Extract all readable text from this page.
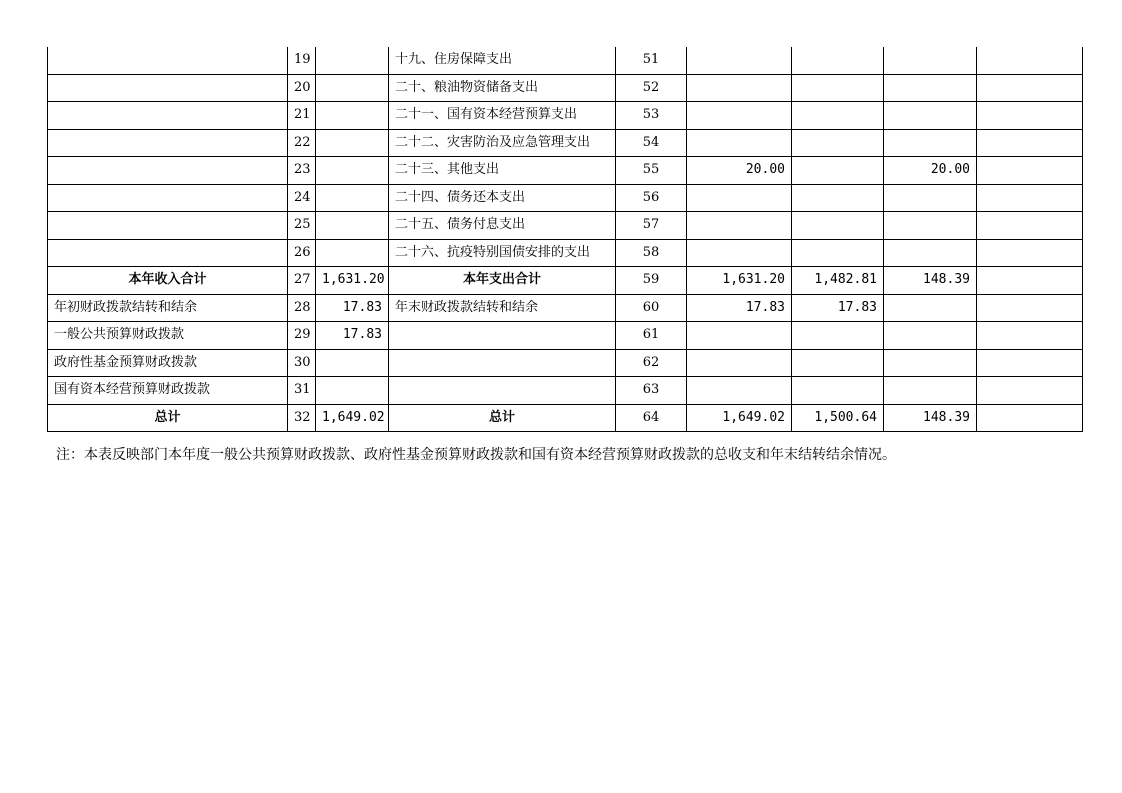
	19		十九、住房保障支出	51				
	20		二十、粮油物资储备支出	52				
	21		二十一、国有资本经营预算支出	53				
	22		二十二、灾害防治及应急管理支出	54				
	23		二十三、其他支出	55	20.00		20.00	
	24		二十四、债务还本支出	56				
	25		二十五、债务付息支出	57				
	26		二十六、抗疫特别国债安排的支出	58				
本年收入合计	27	1,631.20	本年支出合计	59	1,631.20	1,482.81	148.39	
年初财政拨款结转和结余	28	17.83	年末财政拨款结转和结余	60	17.83	17.83		
一般公共预算财政拨款	29	17.83		61				
政府性基金预算财政拨款	30			62				
国有资本经营预算财政拨款	31			63				
总计	32	1,649.02	总计	64	1,649.02	1,500.64	148.39	
注：本表反映部门本年度一般公共预算财政拨款、政府性基金预算财政拨款和国有资本经营预算财政拨款的总收支和年末结转结余情况。
